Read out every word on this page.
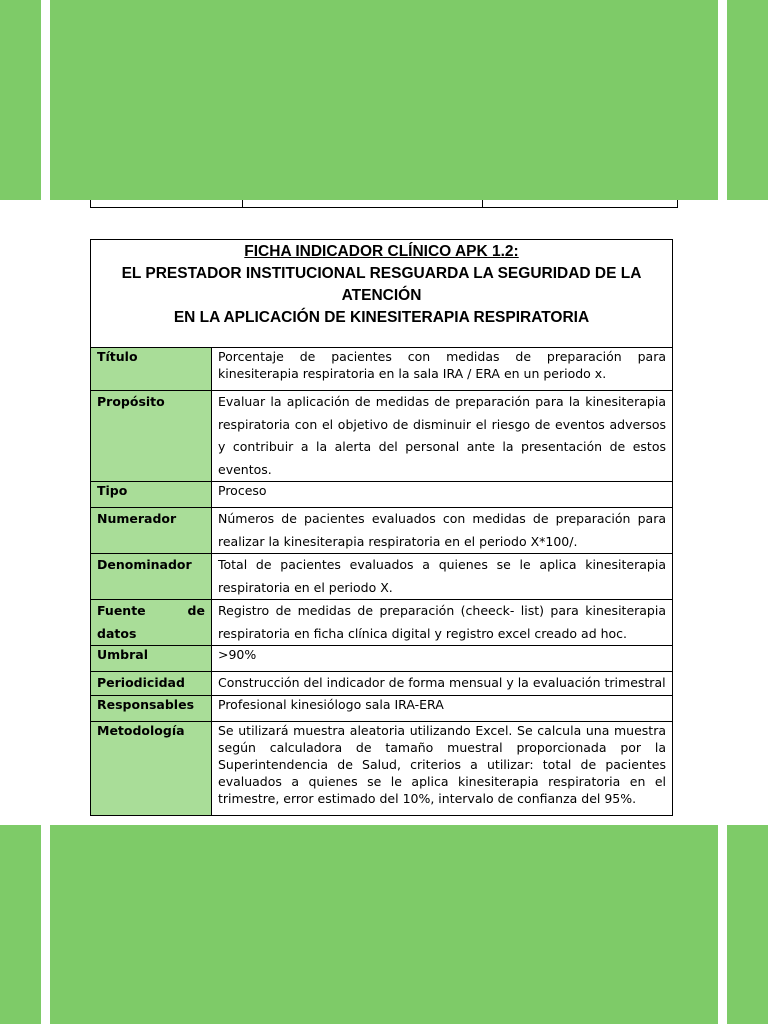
FICHA INDICADOR CLÍNICO APK 1.2:
EL PRESTADOR INSTITUCIONAL RESGUARDA LA SEGURIDAD DE LA ATENCIÓN
EN LA APLICACIÓN DE KINESITERAPIA RESPIRATORIA	
Título	Porcentaje de pacientes con medidas de preparación para kinesiterapia respiratoria en la sala IRA / ERA en un periodo x.
Propósito	Evaluar la aplicación de medidas de preparación para la kinesiterapia respiratoria con el objetivo de disminuir el riesgo de eventos adversos y contribuir a la alerta del personal ante la presentación de estos eventos.
Tipo	Proceso
Numerador	Números de pacientes evaluados con medidas de preparación para realizar la kinesiterapia respiratoria en el periodo X*100/.
Denominador	Total de pacientes evaluados a quienes se le aplica kinesiterapia respiratoria en el periodo X.
Fuente de datos	Registro de medidas de preparación (cheeck- list) para kinesiterapia respiratoria en ficha clínica digital y registro excel creado ad hoc.
Umbral	>90%
Periodicidad	Construcción del indicador de forma mensual y la evaluación trimestral
Responsables	Profesional kinesiólogo sala IRA-ERA
Metodología	Se utilizará muestra aleatoria utilizando Excel. Se calcula una muestra según calculadora de tamaño muestral proporcionada por la Superintendencia de Salud, criterios a utilizar: total de pacientes evaluados a quienes se le aplica kinesiterapia respiratoria en el trimestre, error estimado del 10%, intervalo de confianza del 95%.
